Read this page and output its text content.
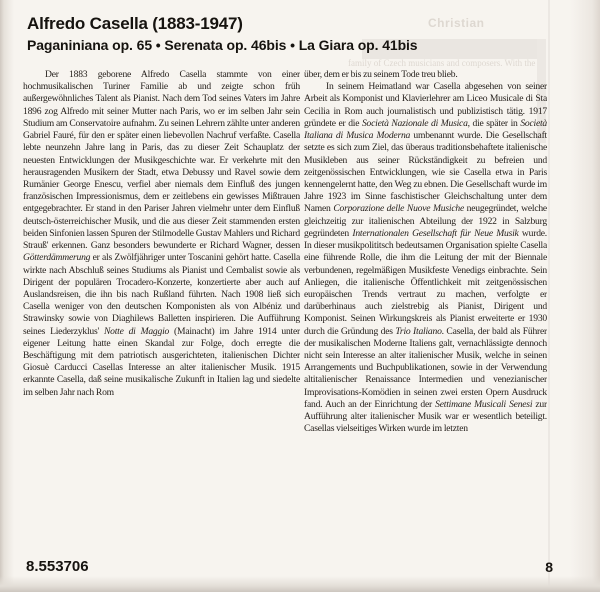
Christian
family of Czech musicians and composers. With the
Alfredo Casella (1883-1947)
Paganiniana op. 65 • Serenata op. 46bis • La Giara op. 41bis

Der 1883 geborene Alfredo Casella stammte von einer hochmusikalischen Turiner Familie ab und zeigte schon früh außergewöhnliches Talent als Pianist. Nach dem Tod seines Vaters im Jahre 1896 zog Alfredo mit seiner Mutter nach Paris, wo er im selben Jahr sein Studium am Conservatoire aufnahm. Zu seinen Lehrern zählte unter anderen Gabriel Fauré, für den er später einen liebevollen Nachruf verfaßte. Casella lebte neunzehn Jahre lang in Paris, das zu dieser Zeit Schauplatz der neuesten Entwicklungen der Musikgeschichte war. Er verkehrte mit den herausragenden Musikern der Stadt, etwa Debussy und Ravel sowie dem Rumänier George Enescu, verfiel aber niemals dem Einfluß des jungen französischen Impressionismus, dem er zeitlebens ein gewisses Mißtrauen entgegebrachter. Er stand in den Pariser Jahren vielmehr unter dem Einfluß deutsch-österreichischer Musik, und die aus dieser Zeit stammenden ersten beiden Sinfonien lassen Spuren der Stilmodelle Gustav Mahlers und Richard Strauß' erkennen. Ganz besonders bewunderte er Richard Wagner, dessen Götterdämmerung er als Zwölfjähriger unter Toscanini gehört hatte. Casella wirkte nach Abschluß seines Studiums als Pianist und Cembalist sowie als Dirigent der populären Trocadero-Konzerte, konzertierte aber auch auf Auslandsreisen, die ihn bis nach Rußland führten. Nach 1908 ließ sich Casella weniger von den deutschen Komponisten als von Albéniz und Strawinsky sowie von Diaghilews Balletten inspirieren. Die Aufführung seines Liederzyklus' Notte di Maggio (Mainacht) im Jahre 1914 unter eigener Leitung hatte einen Skandal zur Folge, doch erregte die Beschäftigung mit dem patriotisch ausgerichteten, italienischen Dichter Giosuè Carducci Casellas Interesse an alter italienischer Musik. 1915 erkannte Casella, daß seine musikalische Zukunft in Italien lag und siedelte im selben Jahr nach Rom

über, dem er bis zu seinem Tode treu blieb.

In seinem Heimatland war Casella abgesehen von seiner Arbeit als Komponist und Klavierlehrer am Liceo Musicale di Sta Cecilia in Rom auch journalistisch und publizistisch tätig. 1917 gründete er die Società Nazionale di Musica, die später in Società Italiana di Musica Moderna umbenannt wurde. Die Gesellschaft setzte es sich zum Ziel, das überaus traditionsbehaftete italienische Musikleben aus seiner Rückständigkeit zu befreien und zeitgenössischen Entwicklungen, wie sie Casella etwa in Paris kennengelernt hatte, den Weg zu ebnen. Die Gesellschaft wurde im Jahre 1923 im Sinne faschistischer Gleichschaltung unter dem Namen Corporazione delle Nuove Musiche neugegründet, welche gleichzeitig zur italienischen Abteilung der 1922 in Salzburg gegründeten Internationalen Gesellschaft für Neue Musik wurde. In dieser musikpolititsch bedeutsamen Organisation spielte Casella eine führende Rolle, die ihm die Leitung der mit der Biennale verbundenen, regelmäßigen Musikfeste Venedigs einbrachte. Sein Anliegen, die italienische Öffentlichkeit mit zeitgenössischen europäischen Trends vertraut zu machen, verfolgte er darüberhinaus auch zielstrebig als Pianist, Dirigent und Komponist. Seinen Wirkungskreis als Pianist erweiterte er 1930 durch die Gründung des Trio Italiano. Casella, der bald als Führer der musikalischen Moderne Italiens galt, vernachlässigte dennoch nicht sein Interesse an alter italienischer Musik, welche in seinen Arrangements und Buchpublikationen, sowie in der Verwendung altitalienischer Renaissance Intermedien und venezianischer Improvisations-Komödien in seinen zwei ersten Opern Ausdruck fand. Auch an der Einrichtung der Settimane Musicali Senesi zur Aufführung alter italienischer Musik war er wesentlich beteiligt. Casellas vielseitiges Wirken wurde im letzten

8.553706	8
